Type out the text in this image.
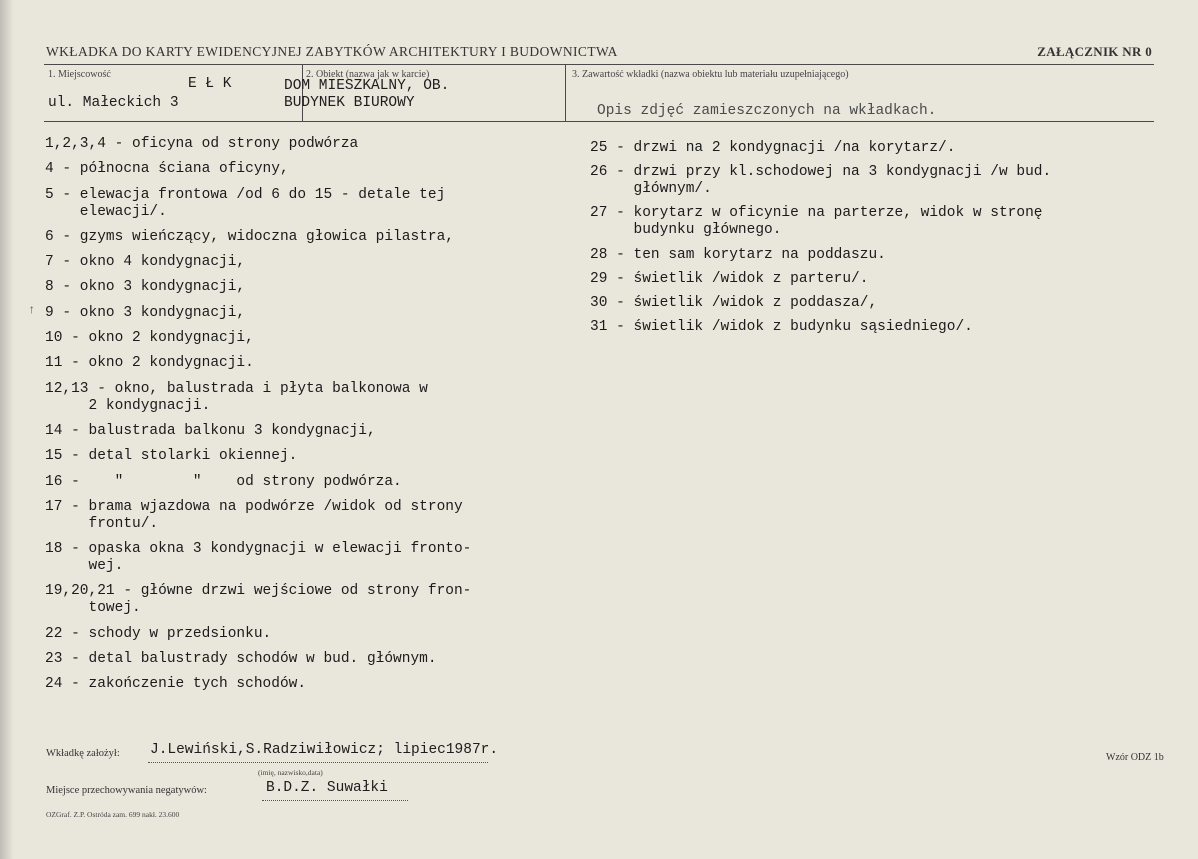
WKŁADKA DO KARTY EWIDENCYJNEJ ZABYTKÓW ARCHITEKTURY I BUDOWNICTWA	ZAŁĄCZNIK NR 0
1. Miejscowość
E Ł K
ul. Małeckich 3
2. Obiekt (nazwa jak w karcie)
DOM MIESZKALNY, OB.
BUDYNEK BIUROWY
3. Zawartość wkładki (nazwa obiektu lub materiału uzupełniającego)
Opis zdjęć zamieszczonych na wkładkach.
1,2,3,4 - oficyna od strony podwórza
4 - północna ściana oficyny,
5 - elewacja frontowa /od 6 do 15 - detale tej
elewacji/.
6 - gzyms wieńczący, widoczna głowica pilastra,
7 - okno 4 kondygnacji,
8 - okno 3 kondygnacji,
9 - okno 3 kondygnacji,
10 - okno 2 kondygnacji,
11 - okno 2 kondygnacji.
12,13 - okno, balustrada i płyta balkonowa w
2 kondygnacji.
14 - balustrada balkonu 3 kondygnacji,
15 - detal stolarki okiennej.
16 -    "        "    od strony podwórza.
17 - brama wjazdowa na podwórze /widok od strony
frontu/.
18 - opaska okna 3 kondygnacji w elewacji fronto-
wej.
19,20,21 - główne drzwi wejściowe od strony fron-
towej.
22 - schody w przedsionku.
23 - detal balustrady schodów w bud. głównym.
24 - zakończenie tych schodów.
25 - drzwi na 2 kondygnacji /na korytarz/.
26 - drzwi przy kl.schodowej na 3 kondygnacji /w bud.
głównym/.
27 - korytarz w oficynie na parterze, widok w stronę
budynku głównego.
28 - ten sam korytarz na poddaszu.
29 - świetlik /widok z parteru/.
30 - świetlik /widok z poddasza/,
31 - świetlik /widok z budynku sąsiedniego/.
↑
Wkładkę założył: J.Lewiński,S.Radziwiłowicz; lipiec1987r.
(imię, nazwisko,data)
Miejsce przechowywania negatywów:	B.D.Z. Suwałki
OZGraf. Z.P. Ostróda zam. 699 nakł. 23.600
Wzór ODZ 1b
